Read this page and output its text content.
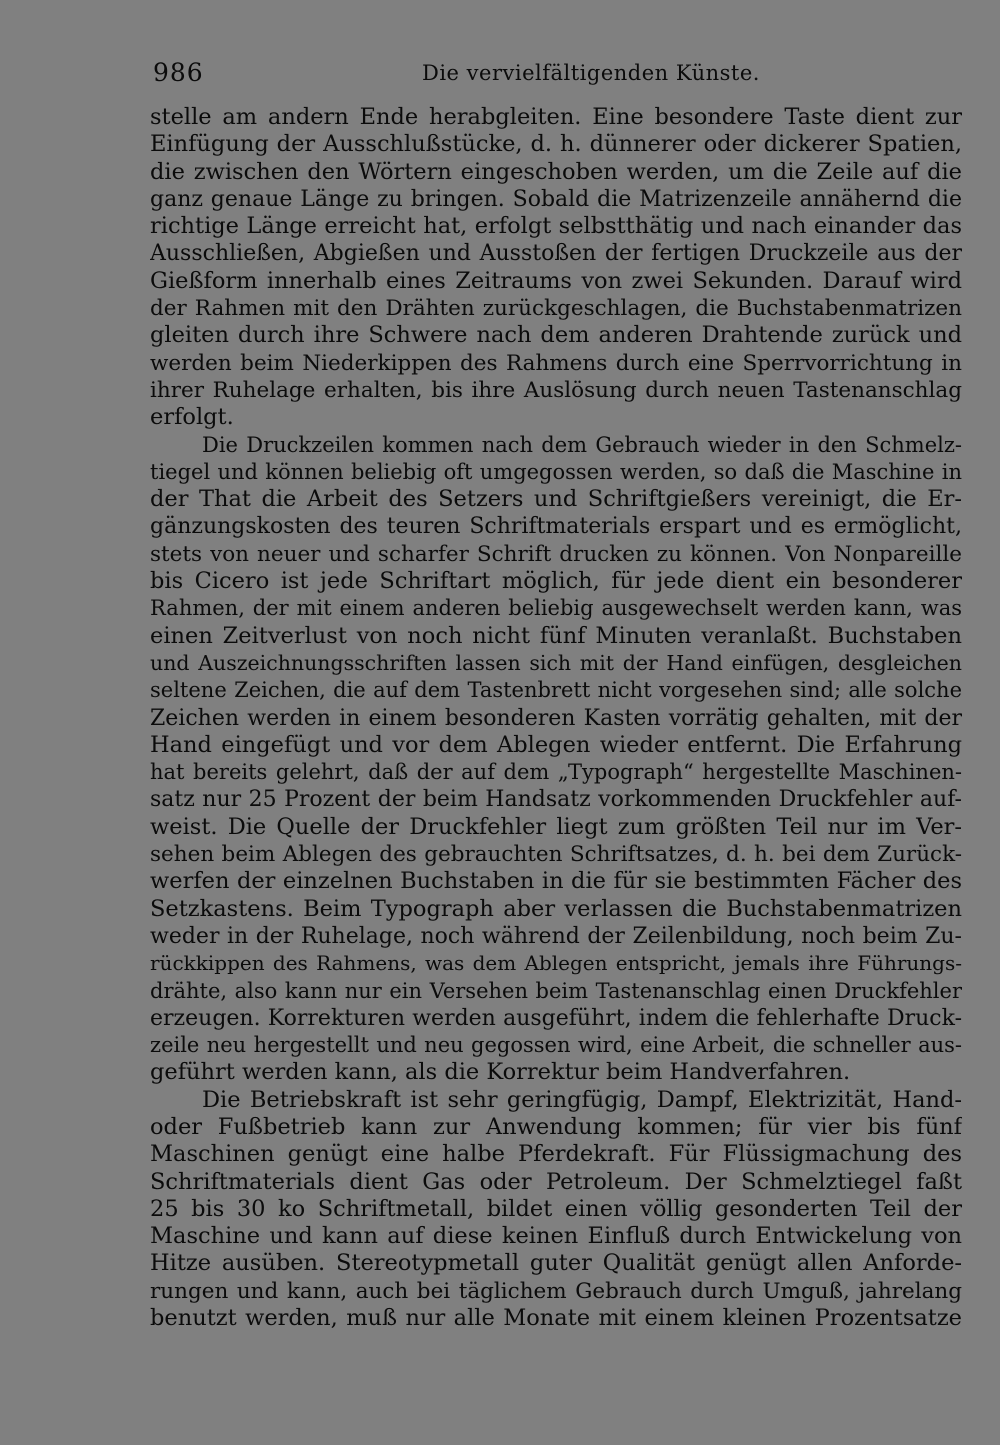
986	Die vervielfältigenden Künste.
stelle am andern Ende herabgleiten. Eine besondere Taste dient zur
Einfügung der Ausschlußstücke, d. h. dünnerer oder dickerer Spatien,
die zwischen den Wörtern eingeschoben werden, um die Zeile auf die
ganz genaue Länge zu bringen. Sobald die Matrizenzeile annähernd die
richtige Länge erreicht hat, erfolgt selbstthätig und nach einander das
Ausschließen, Abgießen und Ausstoßen der fertigen Druckzeile aus der
Gießform innerhalb eines Zeitraums von zwei Sekunden. Darauf wird
der Rahmen mit den Drähten zurückgeschlagen, die Buchstabenmatrizen
gleiten durch ihre Schwere nach dem anderen Drahtende zurück und
werden beim Niederkippen des Rahmens durch eine Sperrvorrichtung in
ihrer Ruhelage erhalten, bis ihre Auslösung durch neuen Tastenanschlag
erfolgt.
Die Druckzeilen kommen nach dem Gebrauch wieder in den Schmelz-
tiegel und können beliebig oft umgegossen werden, so daß die Maschine in
der That die Arbeit des Setzers und Schriftgießers vereinigt, die Er-
gänzungskosten des teuren Schriftmaterials erspart und es ermöglicht,
stets von neuer und scharfer Schrift drucken zu können. Von Nonpareille
bis Cicero ist jede Schriftart möglich, für jede dient ein besonderer
Rahmen, der mit einem anderen beliebig ausgewechselt werden kann, was
einen Zeitverlust von noch nicht fünf Minuten veranlaßt. Buchstaben
und Auszeichnungsschriften lassen sich mit der Hand einfügen, desgleichen
seltene Zeichen, die auf dem Tastenbrett nicht vorgesehen sind; alle solche
Zeichen werden in einem besonderen Kasten vorrätig gehalten, mit der
Hand eingefügt und vor dem Ablegen wieder entfernt. Die Erfahrung
hat bereits gelehrt, daß der auf dem „Typograph“ hergestellte Maschinen-
satz nur 25 Prozent der beim Handsatz vorkommenden Druckfehler auf-
weist. Die Quelle der Druckfehler liegt zum größten Teil nur im Ver-
sehen beim Ablegen des gebrauchten Schriftsatzes, d. h. bei dem Zurück-
werfen der einzelnen Buchstaben in die für sie bestimmten Fächer des
Setzkastens. Beim Typograph aber verlassen die Buchstabenmatrizen
weder in der Ruhelage, noch während der Zeilenbildung, noch beim Zu-
rückkippen des Rahmens, was dem Ablegen entspricht, jemals ihre Führungs-
drähte, also kann nur ein Versehen beim Tastenanschlag einen Druckfehler
erzeugen. Korrekturen werden ausgeführt, indem die fehlerhafte Druck-
zeile neu hergestellt und neu gegossen wird, eine Arbeit, die schneller aus-
geführt werden kann, als die Korrektur beim Handverfahren.
Die Betriebskraft ist sehr geringfügig, Dampf, Elektrizität, Hand-
oder Fußbetrieb kann zur Anwendung kommen; für vier bis fünf
Maschinen genügt eine halbe Pferdekraft. Für Flüssigmachung des
Schriftmaterials dient Gas oder Petroleum. Der Schmelztiegel faßt
25 bis 30 ko Schriftmetall, bildet einen völlig gesonderten Teil der
Maschine und kann auf diese keinen Einfluß durch Entwickelung von
Hitze ausüben. Stereotypmetall guter Qualität genügt allen Anforde-
rungen und kann, auch bei täglichem Gebrauch durch Umguß, jahrelang
benutzt werden, muß nur alle Monate mit einem kleinen Prozentsatze
